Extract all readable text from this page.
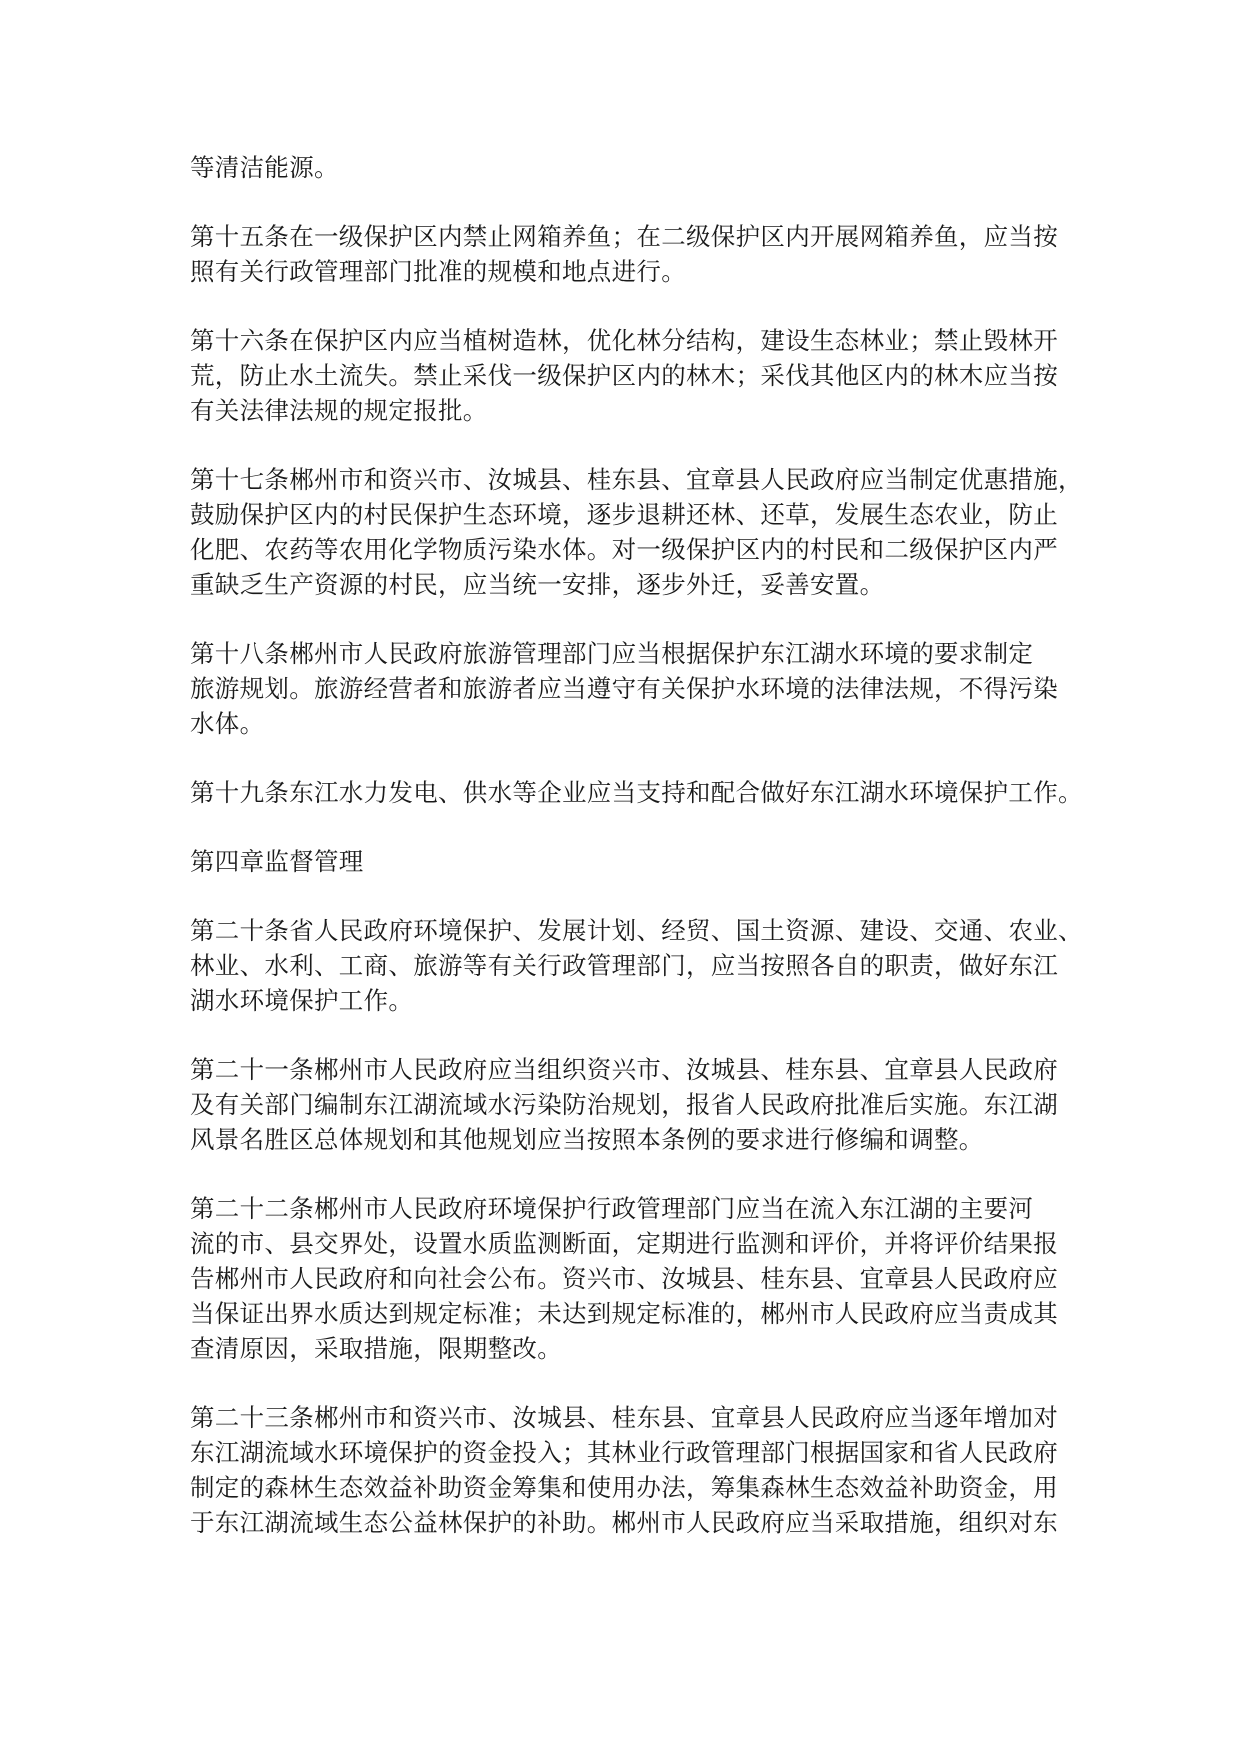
等清洁能源。

第十五条在一级保护区内禁止网箱养鱼；在二级保护区内开展网箱养鱼，应当按
照有关行政管理部门批准的规模和地点进行。

第十六条在保护区内应当植树造林，优化林分结构，建设生态林业；禁止毁林开
荒，防止水土流失。禁止采伐一级保护区内的林木；采伐其他区内的林木应当按
有关法律法规的规定报批。

第十七条郴州市和资兴市、汝城县、桂东县、宜章县人民政府应当制定优惠措施，
鼓励保护区内的村民保护生态环境，逐步退耕还林、还草，发展生态农业，防止
化肥、农药等农用化学物质污染水体。对一级保护区内的村民和二级保护区内严
重缺乏生产资源的村民，应当统一安排，逐步外迁，妥善安置。

第十八条郴州市人民政府旅游管理部门应当根据保护东江湖水环境的要求制定
旅游规划。旅游经营者和旅游者应当遵守有关保护水环境的法律法规，不得污染
水体。

第十九条东江水力发电、供水等企业应当支持和配合做好东江湖水环境保护工作。

第四章监督管理

第二十条省人民政府环境保护、发展计划、经贸、国土资源、建设、交通、农业、
林业、水利、工商、旅游等有关行政管理部门，应当按照各自的职责，做好东江
湖水环境保护工作。

第二十一条郴州市人民政府应当组织资兴市、汝城县、桂东县、宜章县人民政府
及有关部门编制东江湖流域水污染防治规划，报省人民政府批准后实施。东江湖
风景名胜区总体规划和其他规划应当按照本条例的要求进行修编和调整。

第二十二条郴州市人民政府环境保护行政管理部门应当在流入东江湖的主要河
流的市、县交界处，设置水质监测断面，定期进行监测和评价，并将评价结果报
告郴州市人民政府和向社会公布。资兴市、汝城县、桂东县、宜章县人民政府应
当保证出界水质达到规定标准；未达到规定标准的，郴州市人民政府应当责成其
查清原因，采取措施，限期整改。

第二十三条郴州市和资兴市、汝城县、桂东县、宜章县人民政府应当逐年增加对
东江湖流域水环境保护的资金投入；其林业行政管理部门根据国家和省人民政府
制定的森林生态效益补助资金筹集和使用办法，筹集森林生态效益补助资金，用
于东江湖流域生态公益林保护的补助。郴州市人民政府应当采取措施，组织对东
